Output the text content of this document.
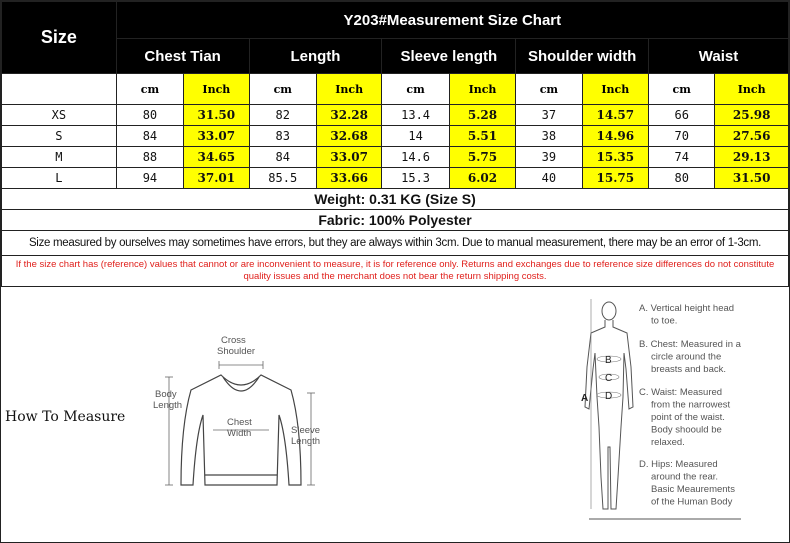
Size	Y203#Measurement Size Chart									
	Chest Tian		Length		Sleeve length		Shoulder width		Waist	
	cm	Inch	cm	Inch	cm	Inch	cm	Inch	cm	Inch
XS	80	31.50	82	32.28	13.4	5.28	37	14.57	66	25.98
S	84	33.07	83	32.68	14	5.51	38	14.96	70	27.56
M	88	34.65	84	33.07	14.6	5.75	39	15.35	74	29.13
L	94	37.01	85.5	33.66	15.3	6.02	40	15.75	80	31.50
Weight: 0.31 KG (Size S)										
Fabric: 100% Polyester										
Size measured by ourselves may sometimes have errors, but they are always within 3cm. Due to manual measurement, there may be an error of 1-3cm.										
If the size chart has (reference) values that cannot or are inconvenient to measure, it is for reference only. Returns and exchanges due to reference size differences do not constitute quality issues and the merchant does not bear the return shipping costs.										
How To Measure
Cross
Shoulder
Body
Length
Chest
Width	Sleeve
Length
B
C
D
A
A. Vertical height head
to toe.
B. Chest: Measured in a
circle around the
breasts and back.
C. Waist: Measured
from the narrowest
point of the waist.
Body shoould be
relaxed.
D. Hips: Measured
around the rear.
Basic Meaurements
of the Human Body
